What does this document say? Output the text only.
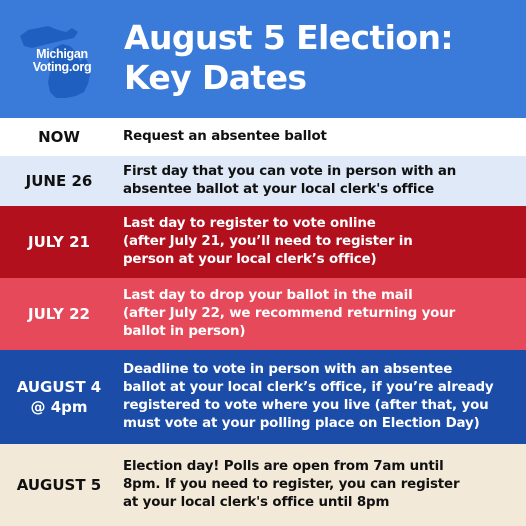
Michigan
Voting.org
August 5 Election:
Key Dates
NOW	Request an absentee ballot
JUNE 26
First day that you can vote in person with an
absentee ballot at your local clerk's office
JULY 21
Last day to register to vote online
(after July 21, you’ll need to register in
person at your local clerk’s office)
JULY 22
Last day to drop your ballot in the mail
(after July 22, we recommend returning your
ballot in person)
AUGUST 4
@ 4pm
Deadline to vote in person with an absentee
ballot at your local clerk’s office, if you’re already
registered to vote where you live (after that, you
must vote at your polling place on Election Day)
AUGUST 5
Election day! Polls are open from 7am until
8pm. If you need to register, you can register
at your local clerk's office until 8pm
